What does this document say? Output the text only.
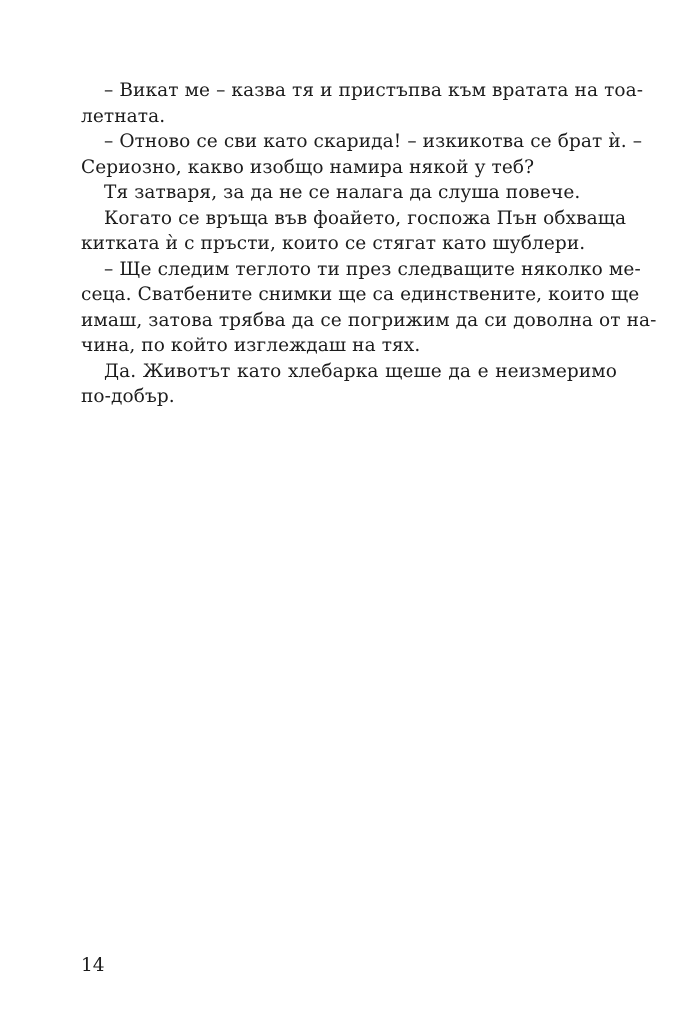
– Викат ме – казва тя и пристъпва към вратата на тоа-
летната.
– Отново се сви като скарида! – изкикотва се брат ѝ. –
Сериозно, какво изобщо намира някой у теб?
Тя затваря, за да не се налага да слуша повече.
Когато се връща във фоайето, госпожа Пън обхваща
китката ѝ с пръсти, които се стягат като шублери.
– Ще следим теглото ти през следващите няколко ме-
сеца. Сватбените снимки ще са единствените, които ще
имаш, затова трябва да се погрижим да си доволна от на-
чина, по който изглеждаш на тях.
Да. Животът като хлебарка щеше да е неизмеримо
по-добър.
14
